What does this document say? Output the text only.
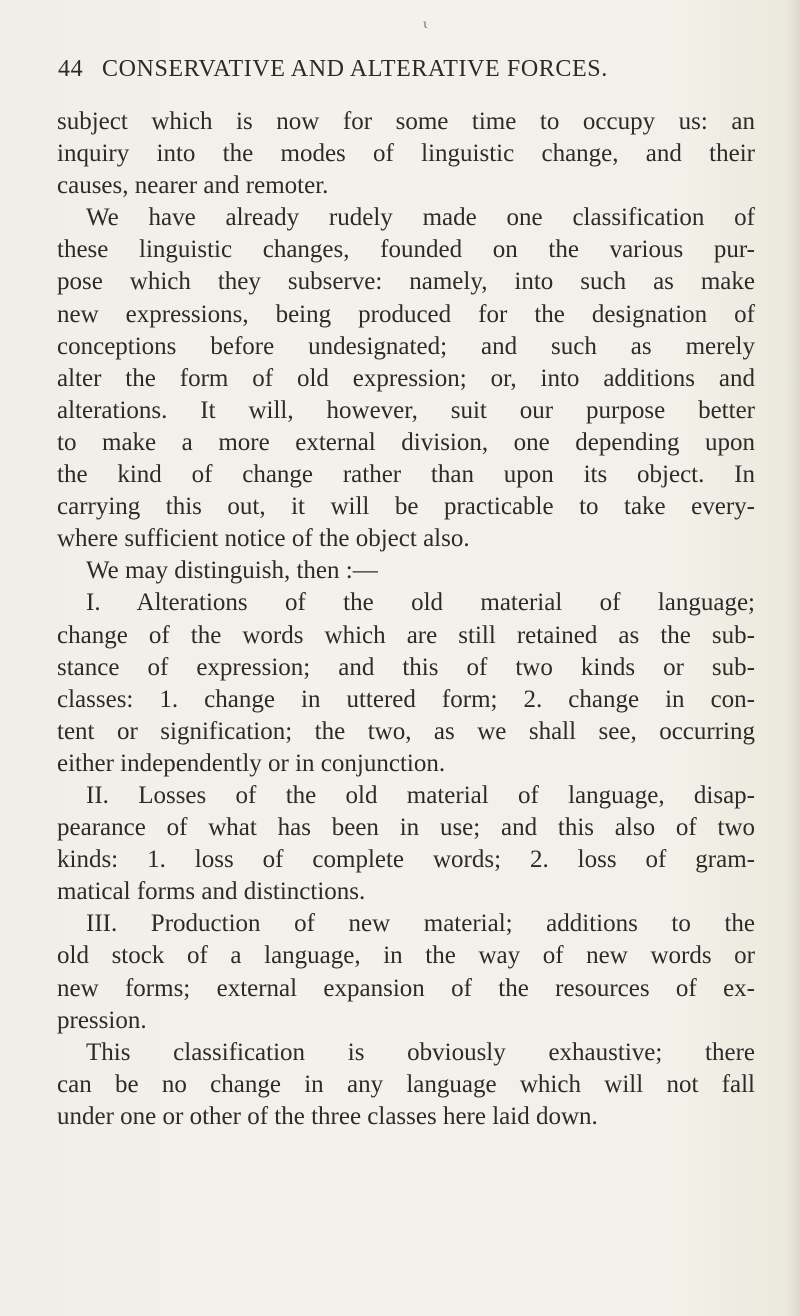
ι
44 CONSERVATIVE AND ALTERATIVE FORCES.
subject which is now for some time to occupy us: an
inquiry into the modes of linguistic change, and their
causes, nearer and remoter.
We have already rudely made one classification of
these linguistic changes, founded on the various pur-
pose which they subserve: namely, into such as make
new expressions, being produced for the designation of
conceptions before undesignated; and such as merely
alter the form of old expression; or, into additions and
alterations. It will, however, suit our purpose better
to make a more external division, one depending upon
the kind of change rather than upon its object. In
carrying this out, it will be practicable to take every-
where sufficient notice of the object also.
We may distinguish, then :—
I. Alterations of the old material of language;
change of the words which are still retained as the sub-
stance of expression; and this of two kinds or sub-
classes: 1. change in uttered form; 2. change in con-
tent or signification; the two, as we shall see, occurring
either independently or in conjunction.
II. Losses of the old material of language, disap-
pearance of what has been in use; and this also of two
kinds: 1. loss of complete words; 2. loss of gram-
matical forms and distinctions.
III. Production of new material; additions to the
old stock of a language, in the way of new words or
new forms; external expansion of the resources of ex-
pression.
This classification is obviously exhaustive; there
can be no change in any language which will not fall
under one or other of the three classes here laid down.
